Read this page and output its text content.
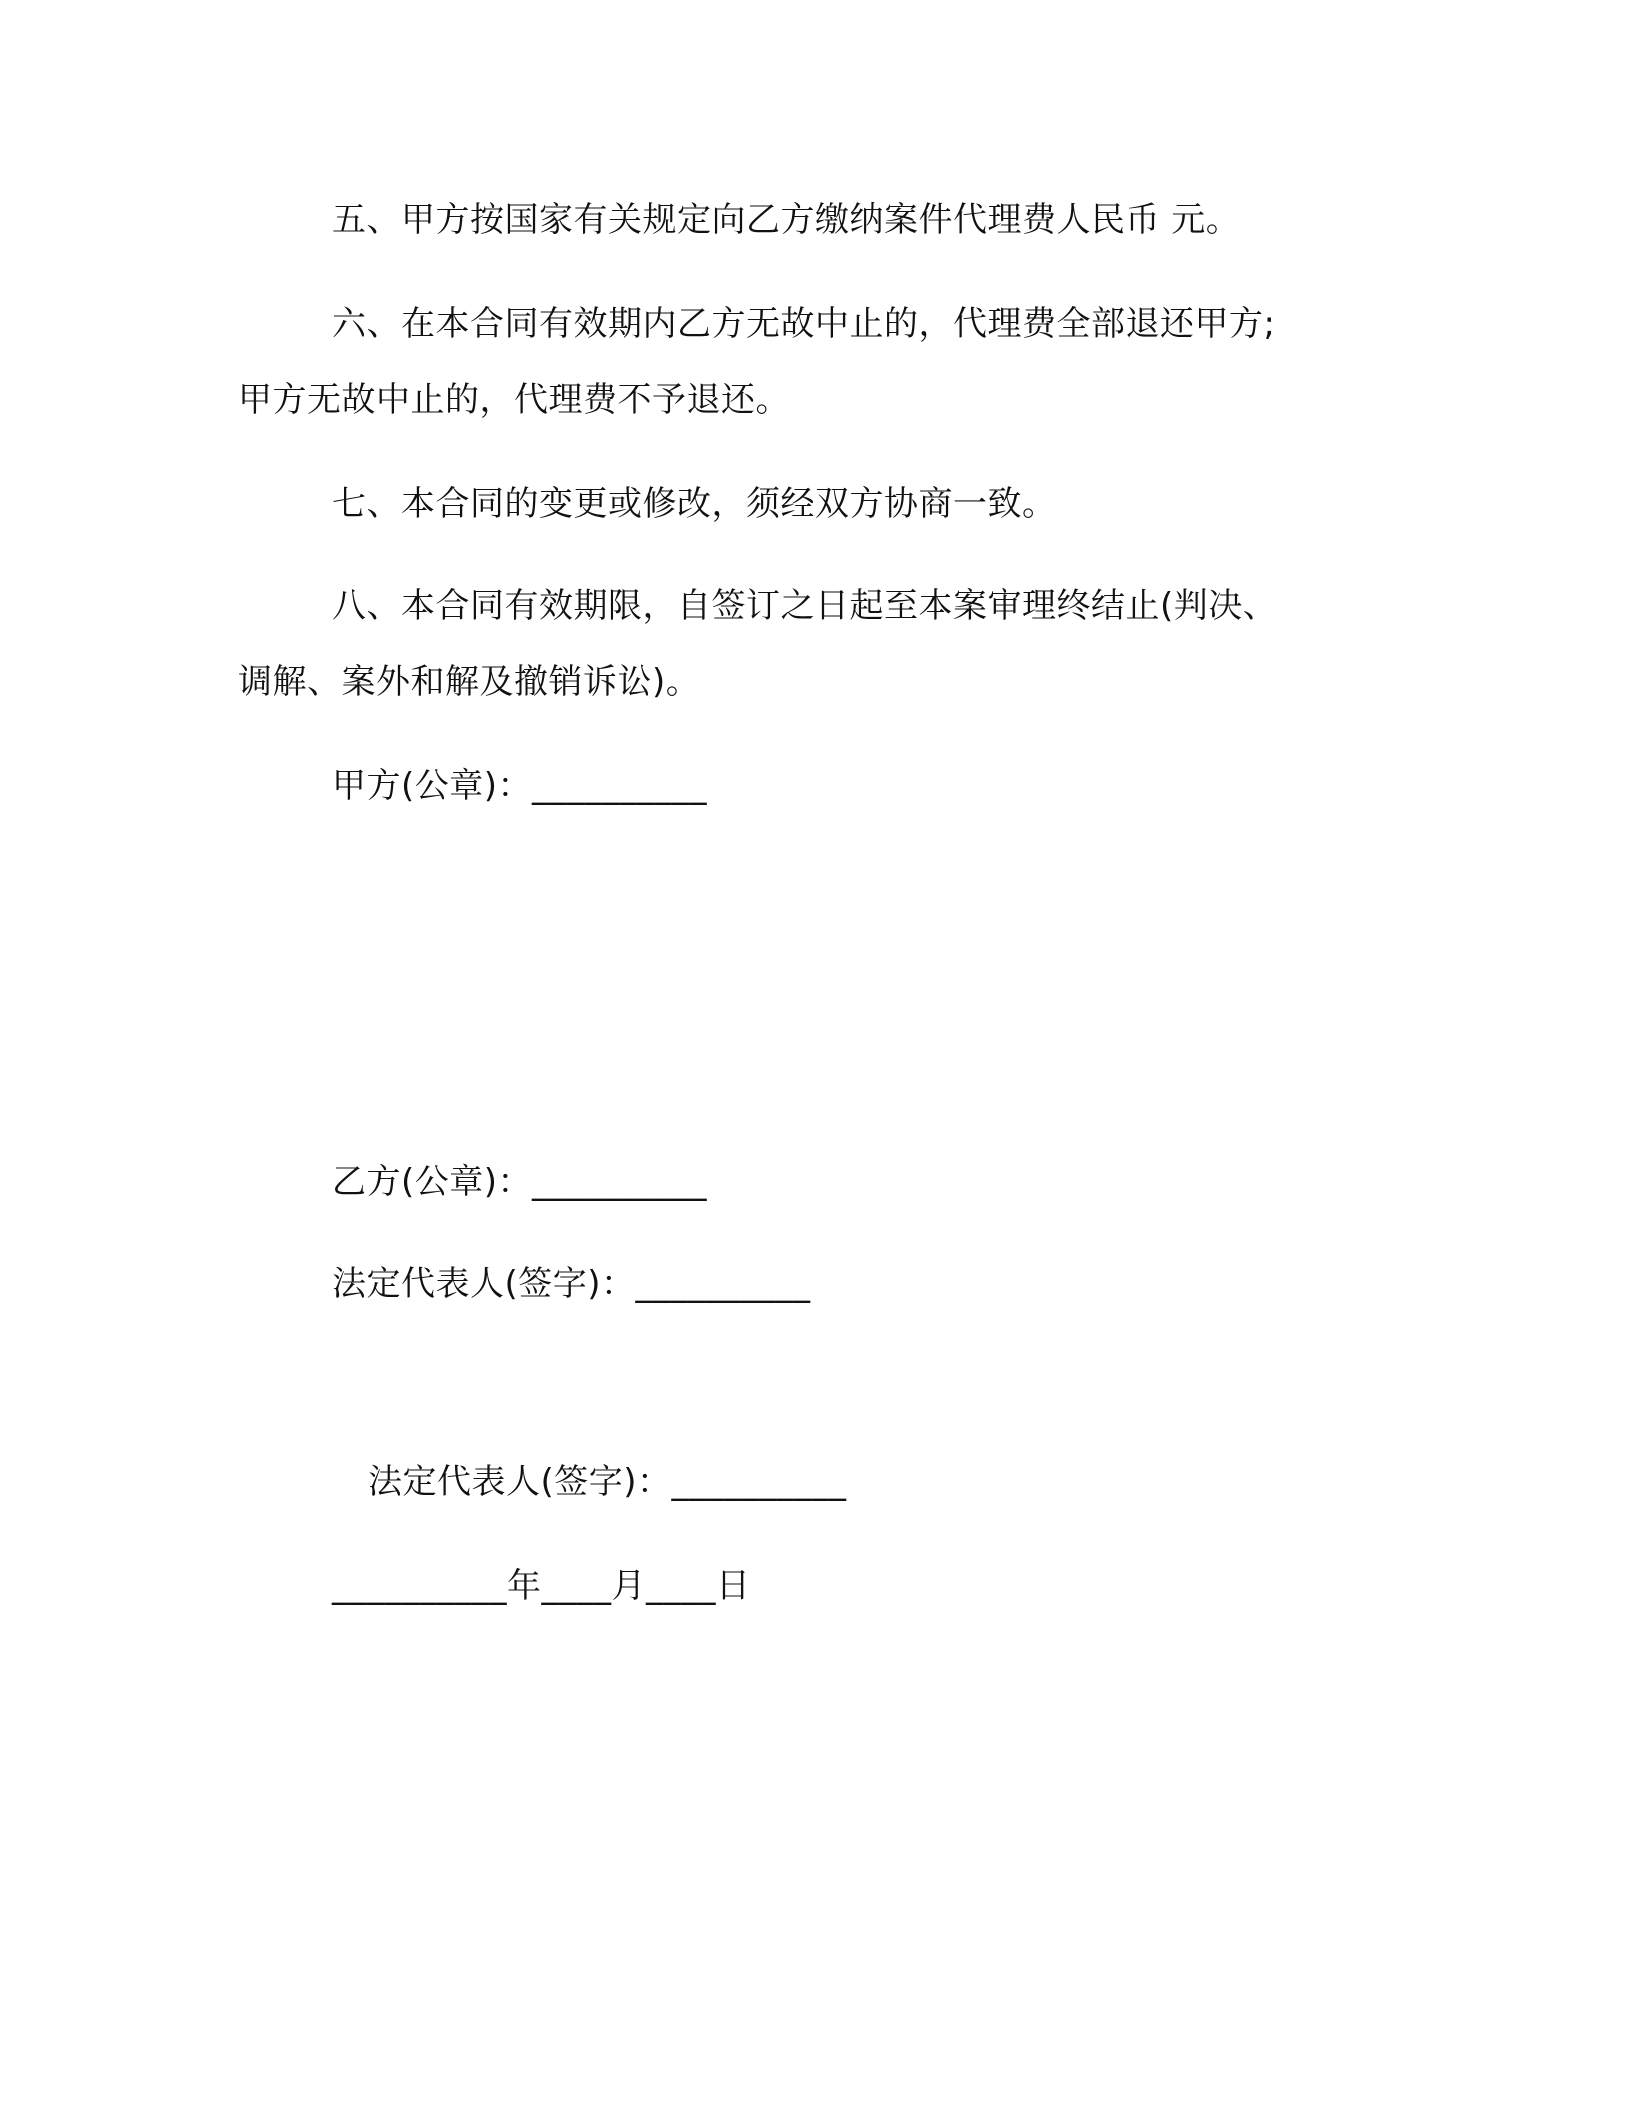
五、甲方按国家有关规定向乙方缴纳案件代理费人民币 元。
六、在本合同有效期内乙方无故中止的，代理费全部退还甲方;
甲方无故中止的，代理费不予退还。
七、本合同的变更或修改，须经双方协商一致。
八、本合同有效期限，自签订之日起至本案审理终结止(判决、
调解、案外和解及撤销诉讼)。
甲方(公章)：__________
乙方(公章)：__________
法定代表人(签字)：__________
法定代表人(签字)：__________
__________年____月____日
